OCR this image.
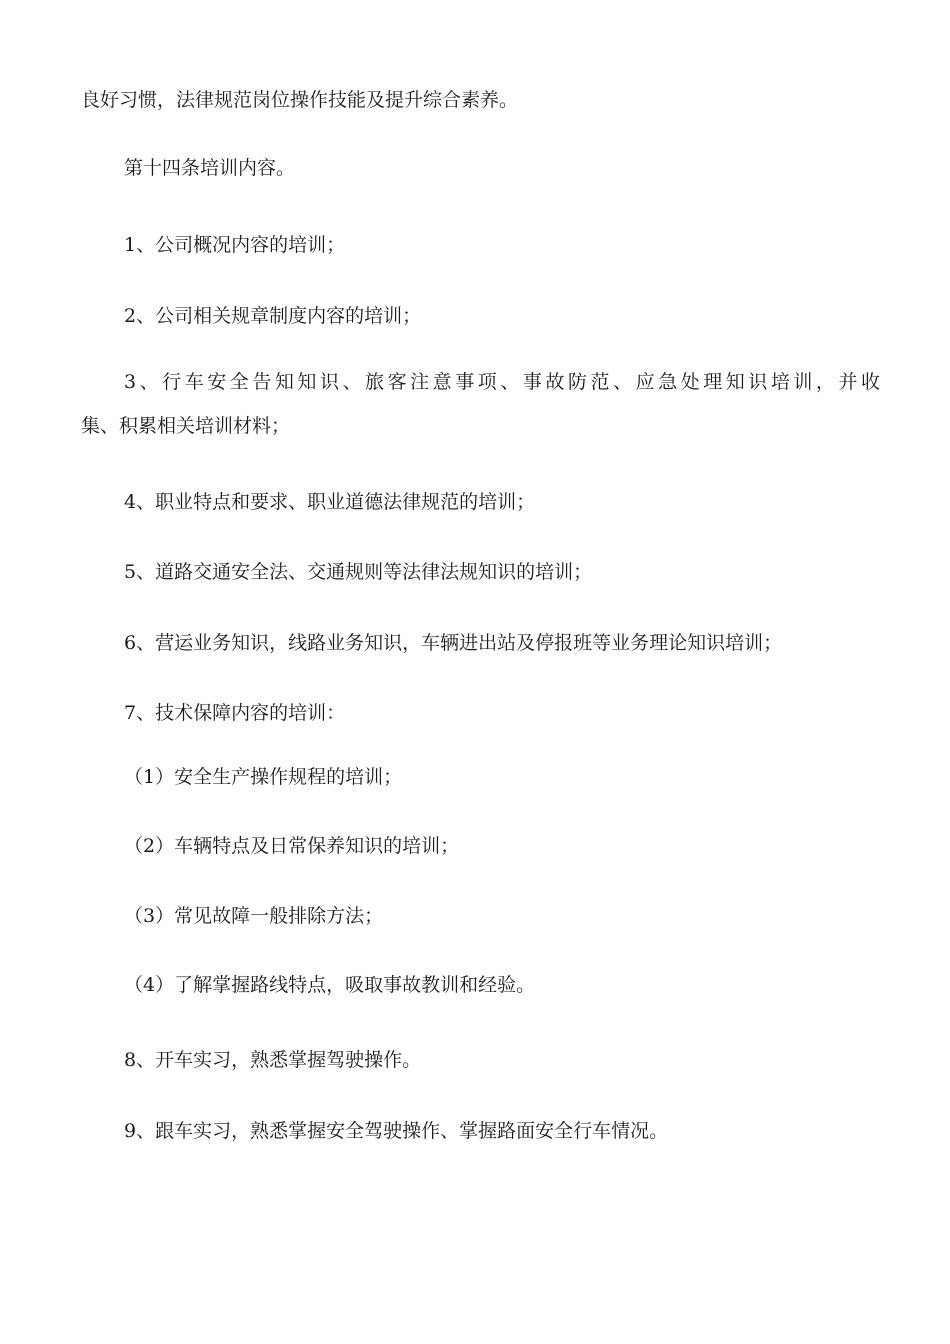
良好习惯，法律规范岗位操作技能及提升综合素养。
第十四条培训内容。
1、公司概况内容的培训；
2、公司相关规章制度内容的培训；
3、行车安全告知知识、旅客注意事项、事故防范、应急处理知识培训，并收
集、积累相关培训材料；
4、职业特点和要求、职业道德法律规范的培训；
5、道路交通安全法、交通规则等法律法规知识的培训；
6、营运业务知识，线路业务知识，车辆进出站及停报班等业务理论知识培训；
7、技术保障内容的培训：
（1）安全生产操作规程的培训；
（2）车辆特点及日常保养知识的培训；
（3）常见故障一般排除方法；
（4）了解掌握路线特点，吸取事故教训和经验。
8、开车实习，熟悉掌握驾驶操作。
9、跟车实习，熟悉掌握安全驾驶操作、掌握路面安全行车情况。
